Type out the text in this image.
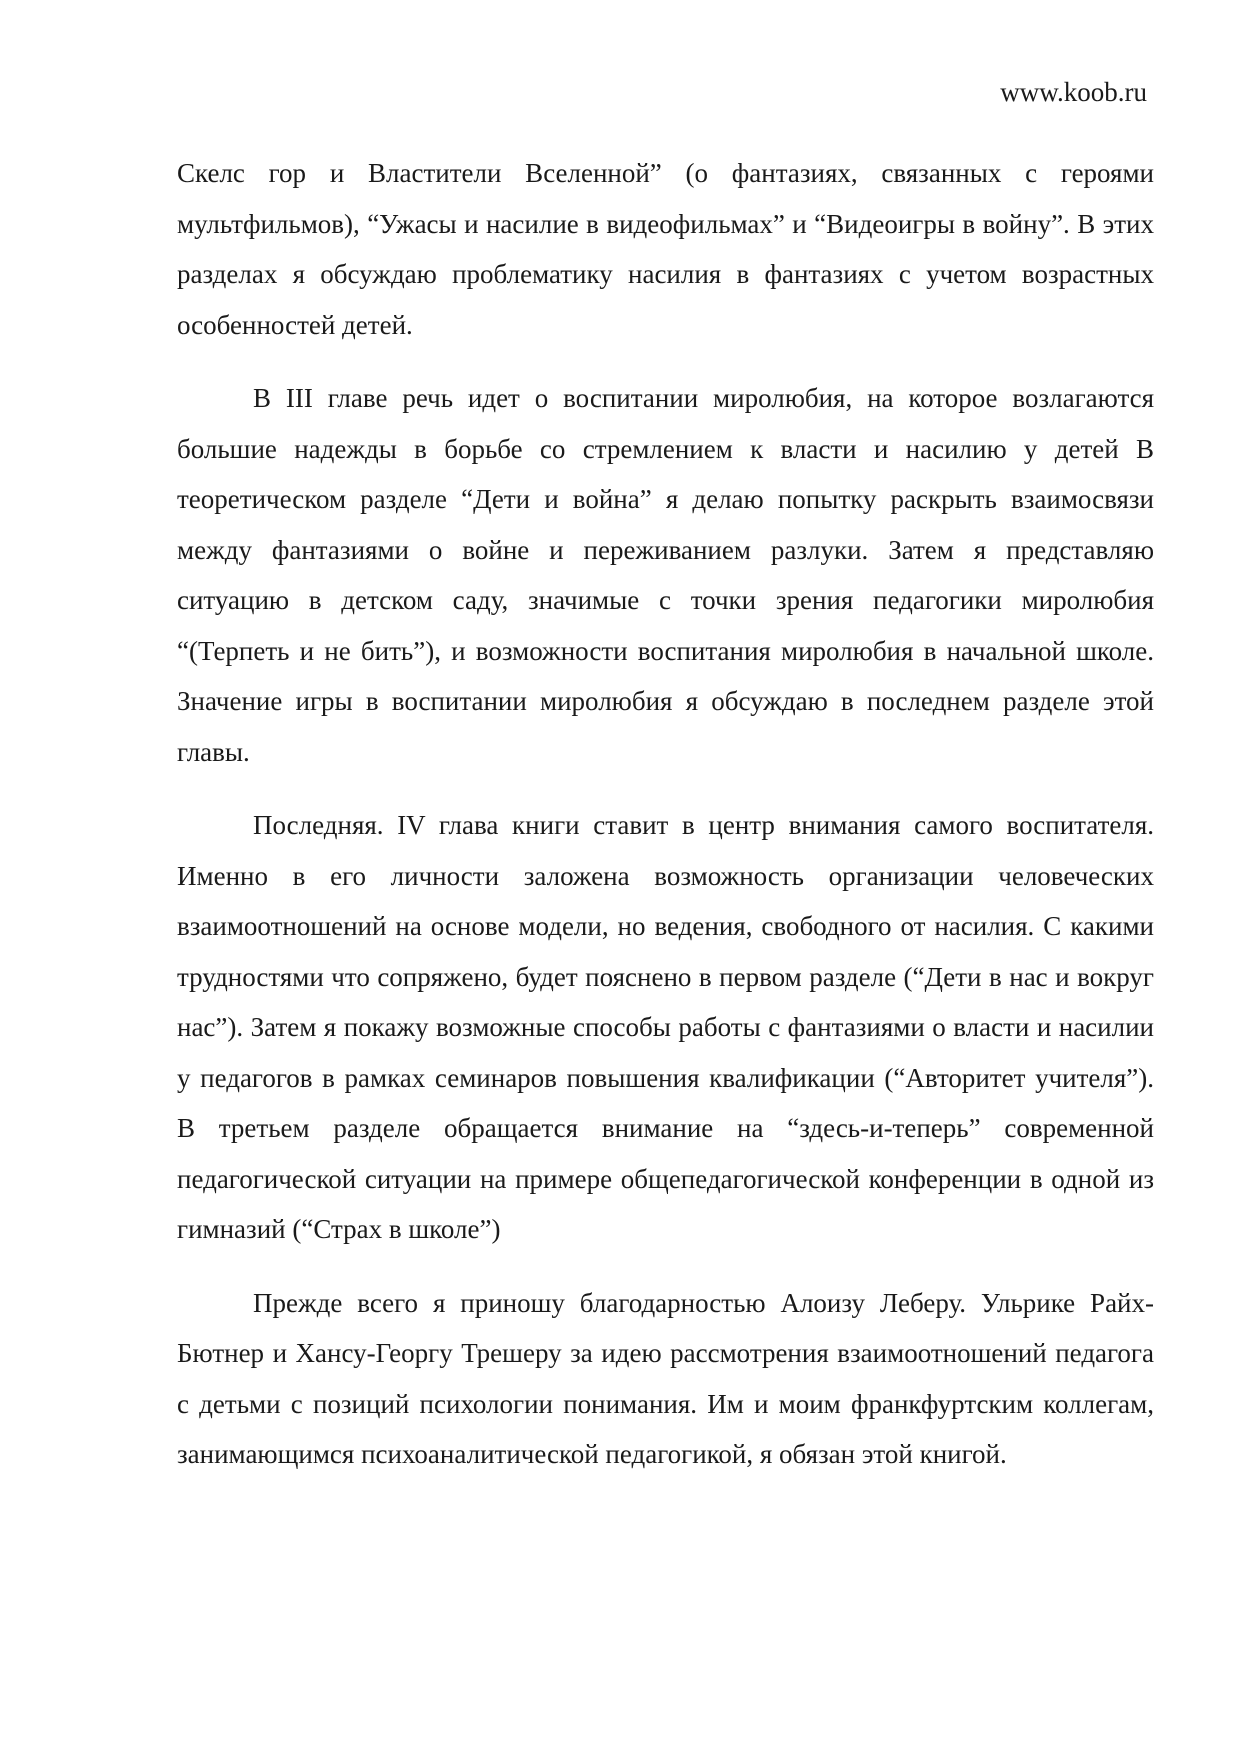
www.koob.ru

Скелс гор и Властители Вселенной” (о фантазиях, связанных с героями мультфильмов), “Ужасы и насилие в видеофильмах” и “Видеоигры в войну”. В этих разделах я обсуждаю проблематику насилия в фантазиях с учетом возрастных особенностей детей.

В III главе речь идет о воспитании миролюбия, на которое возлагаются большие надежды в борьбе со стремлением к власти и насилию у детей В теоретическом разделе “Дети и война” я делаю попытку раскрыть взаимосвязи между фантазиями о войне и переживанием разлуки. Затем я представляю ситуацию в детском саду, значимые с точки зрения педагогики миролюбия “(Терпеть и не бить”), и возможности воспитания миролюбия в начальной школе. Значение игры в воспитании миролюбия я обсуждаю в последнем разделе этой главы.

Последняя. IV глава книги ставит в центр внимания самого воспитателя. Именно в его личности заложена возможность организации человеческих взаимоотношений на основе модели, но ведения, свободного от насилия. С какими трудностями что сопряжено, будет пояснено в первом разделе (“Дети в нас и вокруг нас”). Затем я покажу возможные способы работы с фантазиями о власти и насилии у педагогов в рамках семинаров повышения квалификации (“Авторитет учителя”). В третьем разделе обращается внимание на “здесь-и-теперь” современной педагогической ситуации на примере общепедагогической конференции в одной из гимназий (“Страх в школе”)

Прежде всего я приношу благодарностью Алоизу Леберу. Ульрике Райх-Бютнер и Хансу-Георгу Трешеру за идею рассмотрения взаимоотношений педагога с детьми с позиций психологии понимания. Им и моим франкфуртским коллегам, занимающимся психоаналитической педагогикой, я обязан этой книгой.
